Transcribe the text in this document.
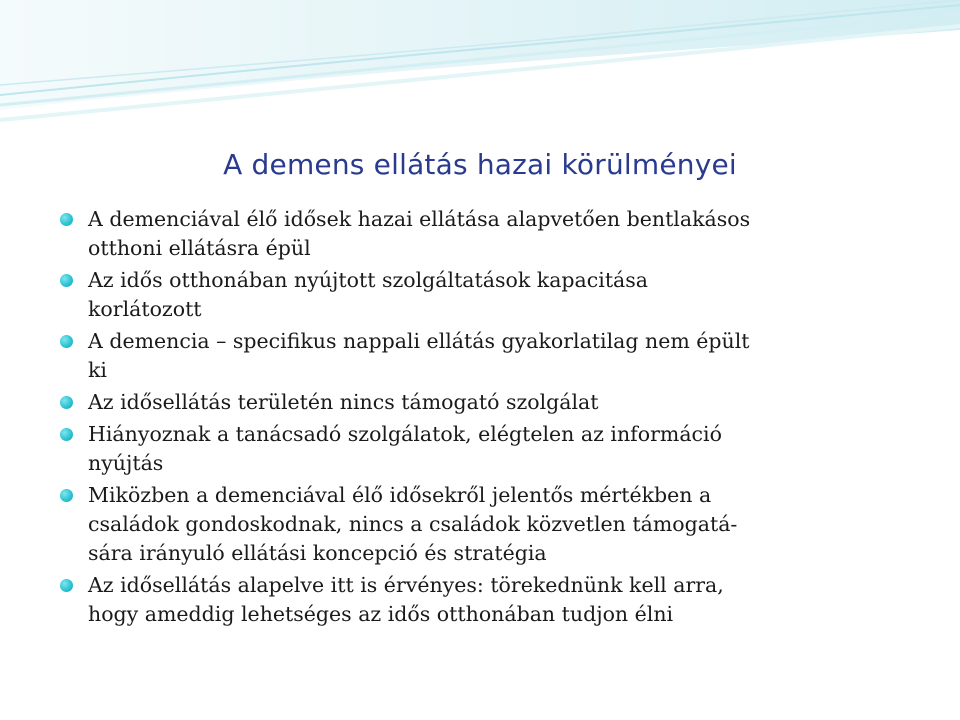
A demens ellátás hazai körülményei
A demenciával élő idősek hazai ellátása alapvetően bentlakásos
otthoni ellátásra épül
Az idős otthonában nyújtott szolgáltatások kapacitása
korlátozott
A demencia – specifikus nappali ellátás gyakorlatilag nem épült
ki
Az idősellátás területén nincs támogató szolgálat
Hiányoznak a tanácsadó szolgálatok, elégtelen az információ
nyújtás
Miközben a demenciával élő idősekről jelentős mértékben a
családok gondoskodnak, nincs a családok közvetlen támogatá-
sára irányuló ellátási koncepció és stratégia
Az idősellátás alapelve itt is érvényes: törekednünk kell arra,
hogy ameddig lehetséges az idős otthonában tudjon élni
